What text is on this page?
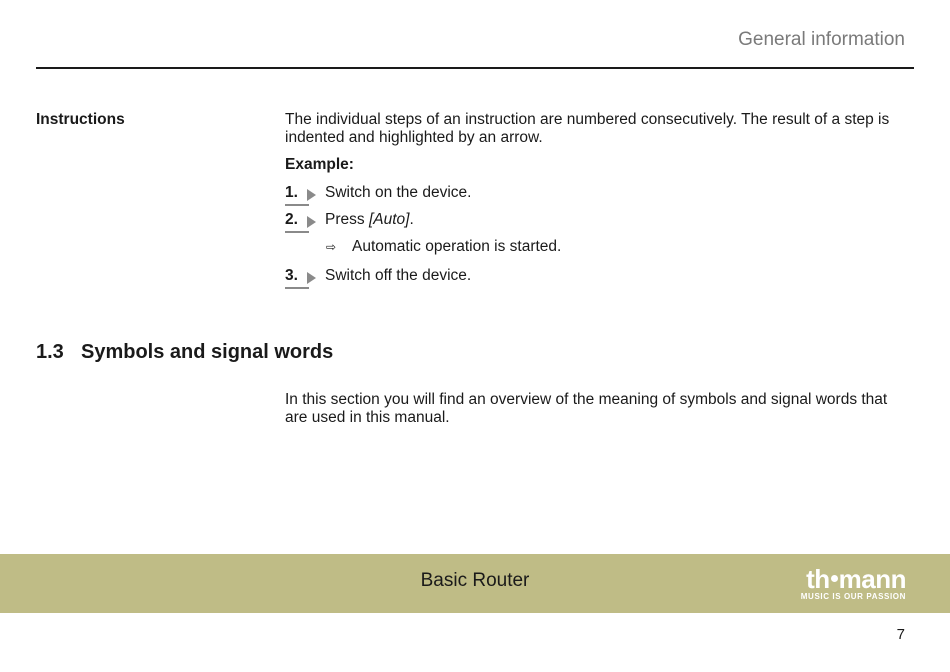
General information
Instructions	The individual steps of an instruction are numbered consecutively. The result of a step is indented and highlighted by an arrow.
Example:
1.	Switch on the device.
2.	Press [Auto].
⇨ Automatic operation is started.
3.	Switch off the device.
1.3 Symbols and signal words
In this section you will find an overview of the meaning of symbols and signal words that are used in this manual.
Basic Router	th mann
MUSIC IS OUR PASSION
7
